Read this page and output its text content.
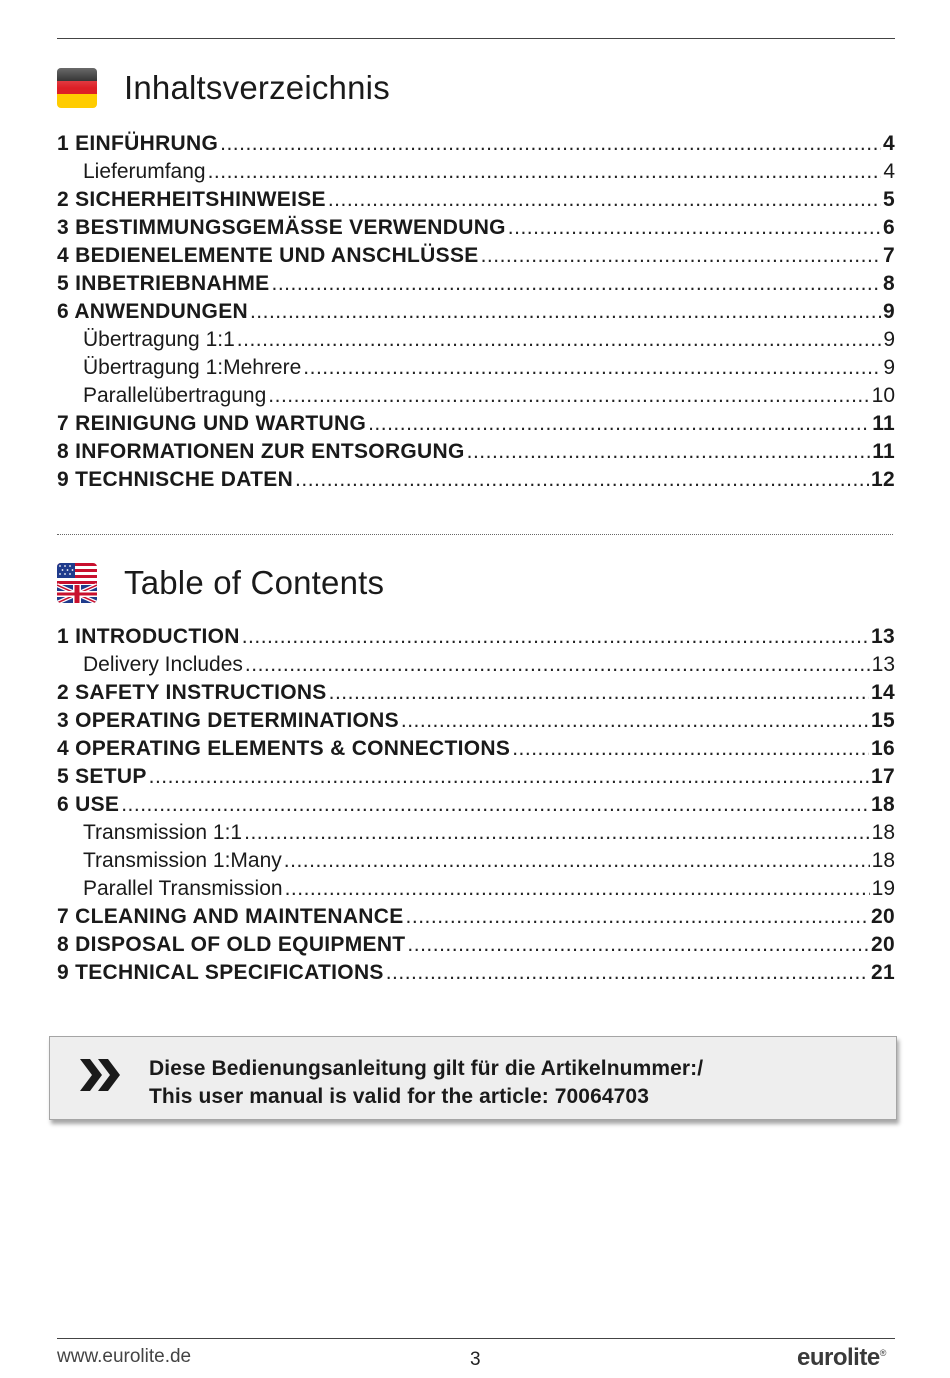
Inhaltsverzeichnis
1 EINFÜHRUNG .....	4
Lieferumfang .....	4
2 SICHERHEITSHINWEISE .....	5
3 BESTIMMUNGSGEMÄSSE VERWENDUNG .....	6
4 BEDIENELEMENTE UND ANSCHLÜSSE .....	7
5 INBETRIEBNAHME .....	8
6 ANWENDUNGEN .....	9
Übertragung 1:1 .....	9
Übertragung 1:Mehrere .....	9
Parallelübertragung .....	10
7 REINIGUNG UND WARTUNG .....	11
8 INFORMATIONEN ZUR ENTSORGUNG .....	11
9 TECHNISCHE DATEN .....	12
Table of Contents
1 INTRODUCTION .....	13
Delivery Includes .....	13
2 SAFETY INSTRUCTIONS .....	14
3 OPERATING DETERMINATIONS .....	15
4 OPERATING ELEMENTS & CONNECTIONS .....	16
5 SETUP .....	17
6 USE .....	18
Transmission 1:1 .....	18
Transmission 1:Many .....	18
Parallel Transmission .....	19
7 CLEANING AND MAINTENANCE .....	20
8 DISPOSAL OF OLD EQUIPMENT .....	20
9 TECHNICAL SPECIFICATIONS .....	21
Diese Bedienungsanleitung gilt für die Artikelnummer:/
This user manual is valid for the article: 70064703
www.eurolite.de	3	eurolite®
